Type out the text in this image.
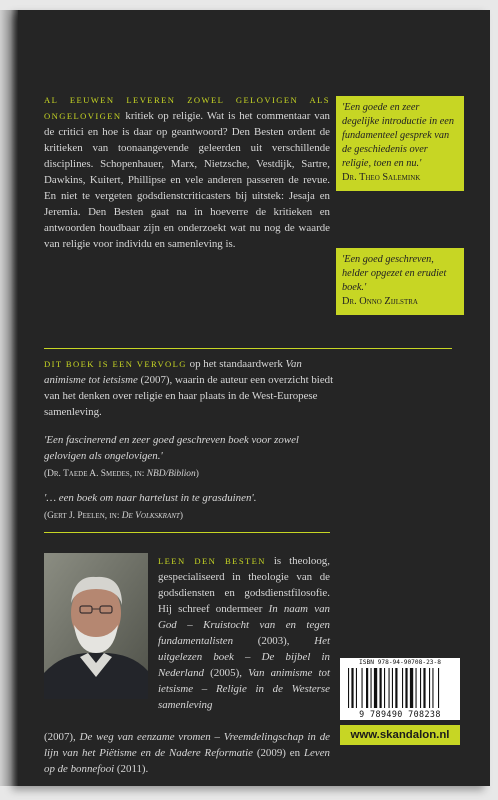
AL EEUWEN LEVEREN ZOWEL GELOVIGEN ALS ONGELOVIGEN kritiek op religie. Wat is het commentaar van de critici en hoe is daar op geantwoord? Den Besten ordent de kritieken van toonaangevende geleerden uit verschillende disciplines. Schopenhauer, Marx, Nietzsche, Vestdijk, Sartre, Dawkins, Kuitert, Phillipse en vele anderen passeren de revue. En niet te vergeten godsdienstcriticasters bij uitstek: Jesaja en Jeremia. Den Besten gaat na in hoeverre de kritieken en antwoorden houdbaar zijn en onderzoekt wat nu nog de waarde van religie voor individu en samenleving is.

'Een goede en zeer degelijke introductie in een fundamenteel gesprek van de geschiedenis over religie, toen en nu.'
Dr. Theo Salemink
'Een goed geschreven, helder opgezet en erudiet boek.'
Dr. Onno Zijlstra

DIT BOEK IS EEN VERVOLG op het standaardwerk Van animisme tot ietsisme (2007), waarin de auteur een overzicht biedt van het denken over religie en haar plaats in de West-Europese samenleving.

'Een fascinerend en zeer goed geschreven boek voor zowel gelovigen als ongelovigen.'
(Dr. Taede A. Smedes, in: NBD/Biblion)
'… een boek om naar hartelust in te grasduinen'.
(Gert J. Peelen, in: De Volkskrant)

LEEN DEN BESTEN is theoloog, gespecialiseerd in theologie van de godsdiensten en godsdienstfilosofie. Hij schreef ondermeer In naam van God – Kruistocht van en tegen fundamentalisten (2003), Het uitgelezen boek – De bijbel in Nederland (2005), Van animisme tot ietsisme – Religie in de Westerse samenleving

(2007), De weg van eenzame vromen – Vreemdelingschap in de lijn van het Piëtisme en de Nadere Reformatie (2009) en Leven op de bonnefooi (2011).

ISBN 978-94-90708-23-8
9 789490 708238
www.skandalon.nl
